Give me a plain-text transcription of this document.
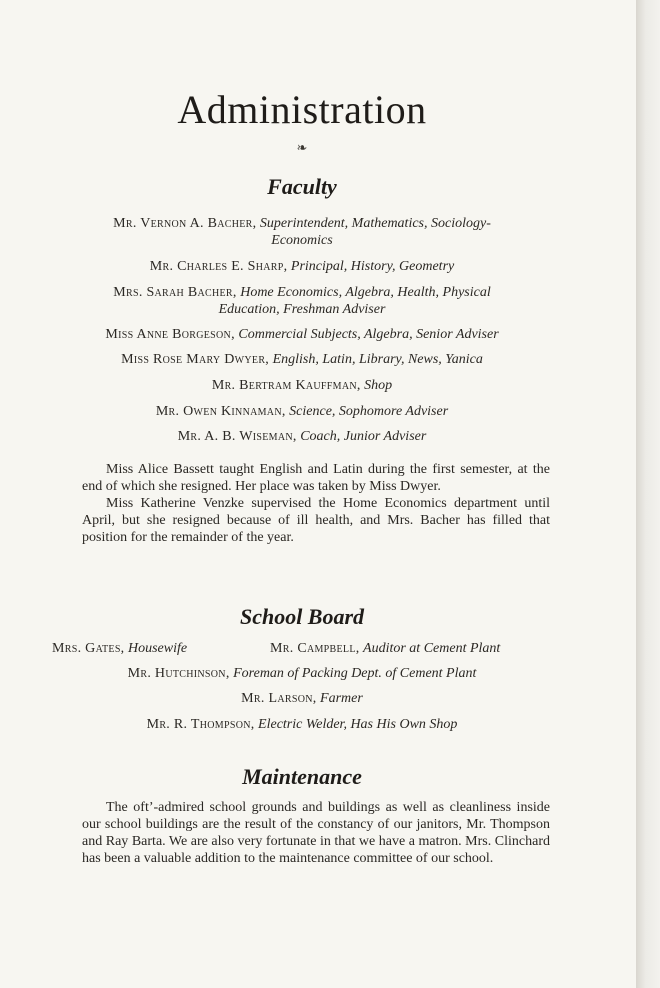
Administration
❧
Faculty
Mr. Vernon A. Bacher, Superintendent, Mathematics, Sociology-
Economics
Mr. Charles E. Sharp, Principal, History, Geometry
Mrs. Sarah Bacher, Home Economics, Algebra, Health, Physical
Education, Freshman Adviser
Miss Anne Borgeson, Commercial Subjects, Algebra, Senior Adviser
Miss Rose Mary Dwyer, English, Latin, Library, News, Yanica
Mr. Bertram Kauffman, Shop
Mr. Owen Kinnaman, Science, Sophomore Adviser
Mr. A. B. Wiseman, Coach, Junior Adviser

Miss Alice Bassett taught English and Latin during the first semester, at the end of which she resigned. Her place was taken by Miss Dwyer.

Miss Katherine Venzke supervised the Home Economics department until April, but she resigned because of ill health, and Mrs. Bacher has filled that position for the remainder of the year.

School Board
Mrs. Gates, Housewife	Mr. Campbell, Auditor at Cement Plant
Mr. Hutchinson, Foreman of Packing Dept. of Cement Plant
Mr. Larson, Farmer
Mr. R. Thompson, Electric Welder, Has His Own Shop
Maintenance

The oft’-admired school grounds and buildings as well as cleanliness inside our school buildings are the result of the constancy of our janitors, Mr. Thompson and Ray Barta. We are also very fortunate in that we have a matron. Mrs. Clinchard has been a valuable addition to the maintenance committee of our school.
